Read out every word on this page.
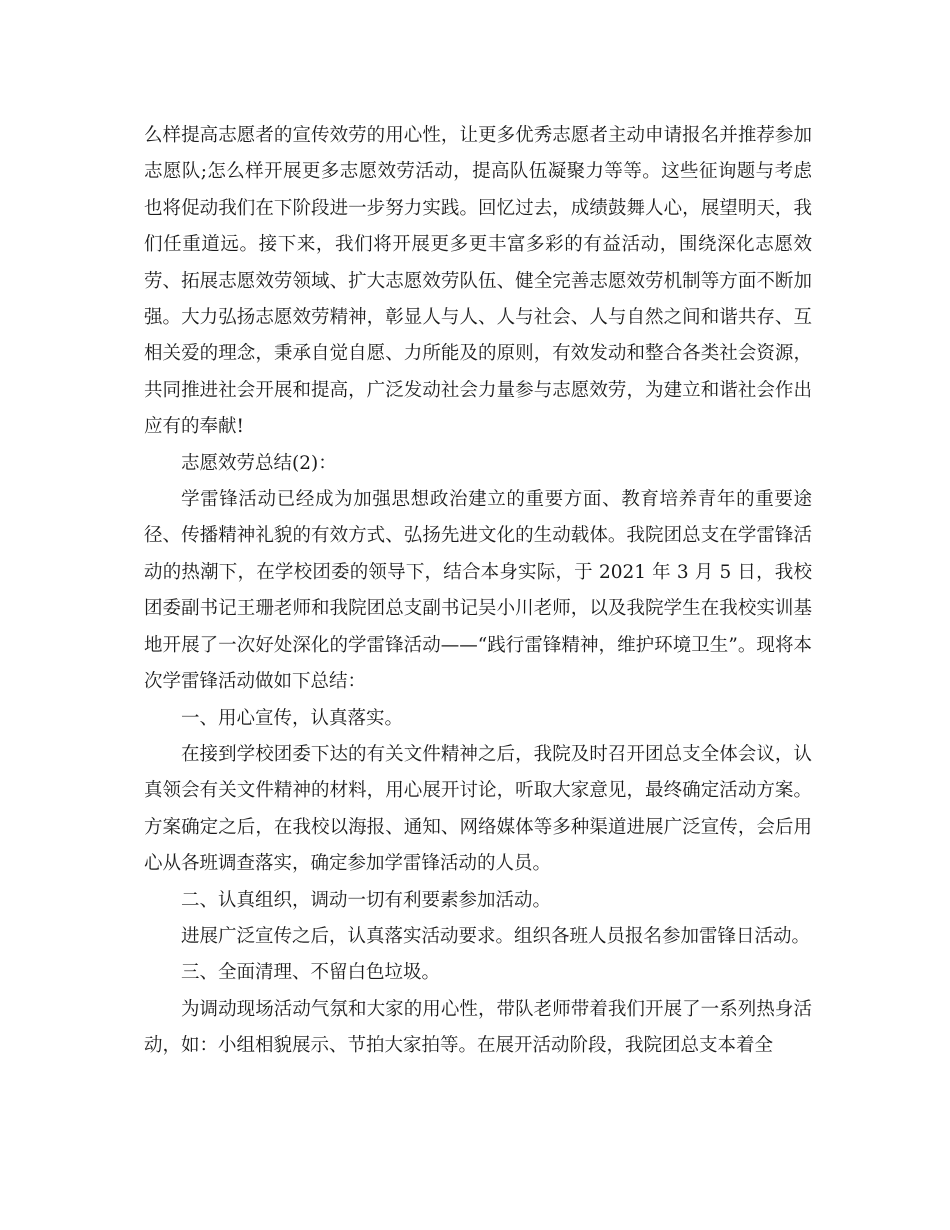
么样提高志愿者的宣传效劳的用心性，让更多优秀志愿者主动申请报名并推荐参加志愿队;怎么样开展更多志愿效劳活动，提高队伍凝聚力等等。这些征询题与考虑也将促动我们在下阶段进一步努力实践。回忆过去，成绩鼓舞人心，展望明天，我们任重道远。接下来，我们将开展更多更丰富多彩的有益活动，围绕深化志愿效劳、拓展志愿效劳领域、扩大志愿效劳队伍、健全完善志愿效劳机制等方面不断加强。大力弘扬志愿效劳精神，彰显人与人、人与社会、人与自然之间和谐共存、互相关爱的理念，秉承自觉自愿、力所能及的原则，有效发动和整合各类社会资源，共同推进社会开展和提高，广泛发动社会力量参与志愿效劳，为建立和谐社会作出应有的奉献!

志愿效劳总结(2)：

学雷锋活动已经成为加强思想政治建立的重要方面、教育培养青年的重要途径、传播精神礼貌的有效方式、弘扬先进文化的生动载体。我院团总支在学雷锋活动的热潮下，在学校团委的领导下，结合本身实际，于 2021 年 3 月 5 日，我校团委副书记王珊老师和我院团总支副书记吴小川老师，以及我院学生在我校实训基地开展了一次好处深化的学雷锋活动——“践行雷锋精神，维护环境卫生”。现将本次学雷锋活动做如下总结：

一、用心宣传，认真落实。

在接到学校团委下达的有关文件精神之后，我院及时召开团总支全体会议，认真领会有关文件精神的材料，用心展开讨论，听取大家意见，最终确定活动方案。方案确定之后，在我校以海报、通知、网络媒体等多种渠道进展广泛宣传，会后用心从各班调查落实，确定参加学雷锋活动的人员。

二、认真组织，调动一切有利要素参加活动。

进展广泛宣传之后，认真落实活动要求。组织各班人员报名参加雷锋日活动。

三、全面清理、不留白色垃圾。

为调动现场活动气氛和大家的用心性，带队老师带着我们开展了一系列热身活动，如：小组相貌展示、节拍大家拍等。在展开活动阶段，我院团总支本着全
